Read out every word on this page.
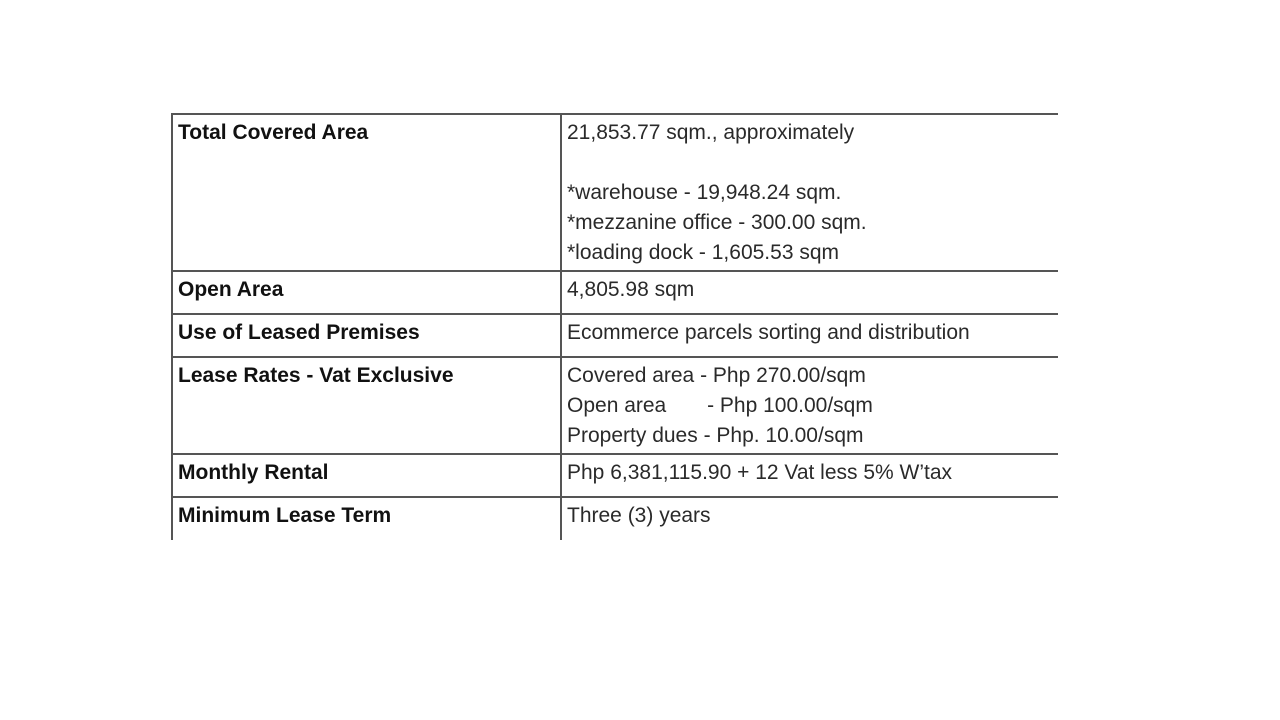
Total Covered Area	21,853.77 sqm., approximately
*warehouse - 19,948.24 sqm.
*mezzanine office - 300.00 sqm.
*loading dock - 1,605.53 sqm

Open Area	4,805.98 sqm

Use of Leased Premises	Ecommerce parcels sorting and distribution

Lease Rates - Vat Exclusive	Covered area - Php 270.00/sqm
Open area       - Php 100.00/sqm
Property dues - Php. 10.00/sqm

Monthly Rental	Php 6,381,115.90 + 12 Vat less 5% W’tax

Minimum Lease Term	Three (3) years
